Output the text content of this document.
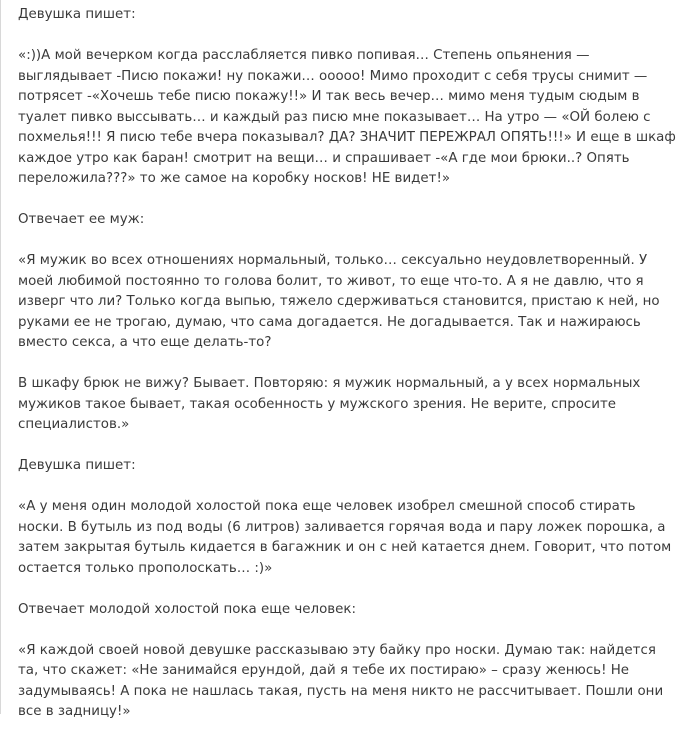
Девушка пишет:

«:))А мой вечерком когда расслабляется пивко попивая… Степень опьянения — выглядывает -Писю покажи! ну покажи… ооооо! Мимо проходит с себя трусы снимит — потрясет -«Хочешь тебе писю покажу!!» И так весь вечер… мимо меня тудым сюдым в туалет пивко выссывать… и каждый раз писю мне показывает… На утро — «ОЙ болею с похмелья!!! Я писю тебе вчера показывал? ДА? ЗНАЧИТ ПЕРЕЖРАЛ ОПЯТЬ!!!» И еще в шкаф каждое утро как баран! смотрит на вещи… и спрашивает -«А где мои брюки..? Опять переложила???» то же самое на коробку носков! НЕ видет!»

Отвечает ее муж:

«Я мужик во всех отношениях нормальный, только… сексуально неудовлетворенный. У моей любимой постоянно то голова болит, то живот, то еще что-то. А я не давлю, что я изверг что ли? Только когда выпью, тяжело сдерживаться становится, пристаю к ней, но руками ее не трогаю, думаю, что сама догадается. Не догадывается. Так и нажираюсь вместо секса, а что еще делать-то?

В шкафу брюк не вижу? Бывает. Повторяю: я мужик нормальный, а у всех нормальных мужиков такое бывает, такая особенность у мужского зрения. Не верите, спросите специалистов.»

Девушка пишет:

«А у меня один молодой холостой пока еще человек изобрел смешной способ стирать носки. В бутыль из под воды (6 литров) заливается горячая вода и пару ложек порошка, а затем закрытая бутыль кидается в багажник и он с ней катается днем. Говорит, что потом остается только прополоскать… :)»

Отвечает молодой холостой пока еще человек:

«Я каждой своей новой девушке рассказываю эту байку про носки. Думаю так: найдется та, что скажет: «Не занимайся ерундой, дай я тебе их постираю» – сразу женюсь! Не задумываясь! А пока не нашлась такая, пусть на меня никто не рассчитывает. Пошли они все в задницу!»
